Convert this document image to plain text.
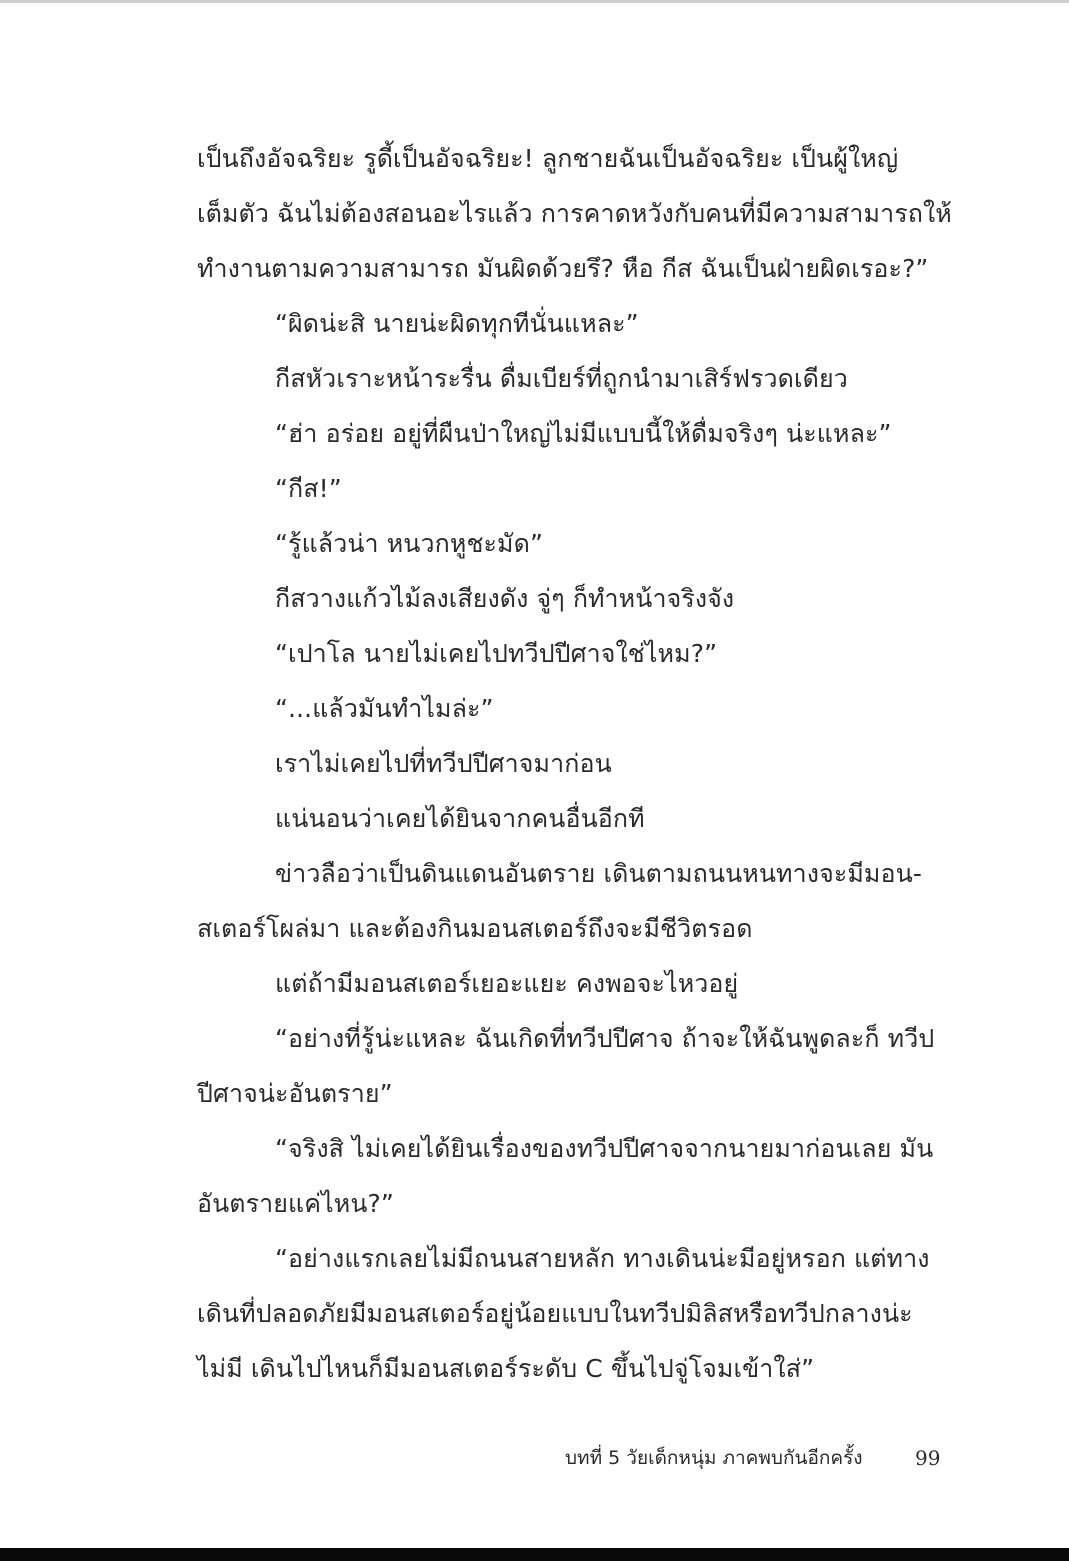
เป็นถึงอัจฉริยะ รูดี้เป็นอัจฉริยะ! ลูกชายฉันเป็นอัจฉริยะ เป็นผู้ใหญ่
เต็มตัว ฉันไม่ต้องสอนอะไรแล้ว การคาดหวังกับคนที่มีความสามารถให้
ทำงานตามความสามารถ มันผิดด้วยรึ? หือ กีส ฉันเป็นฝ่ายผิดเรอะ?”
“ผิดน่ะสิ นายน่ะผิดทุกทีนั่นแหละ”
กีสหัวเราะหน้าระรื่น ดื่มเบียร์ที่ถูกนำมาเสิร์ฟรวดเดียว
“ฮ่า อร่อย อยู่ที่ผืนป่าใหญ่ไม่มีแบบนี้ให้ดื่มจริงๆ น่ะแหละ”
“กีส!”
“รู้แล้วน่า หนวกหูชะมัด”
กีสวางแก้วไม้ลงเสียงดัง จู่ๆ ก็ทำหน้าจริงจัง
“เปาโล นายไม่เคยไปทวีปปีศาจใช่ไหม?”
“...แล้วมันทำไมล่ะ”
เราไม่เคยไปที่ทวีปปีศาจมาก่อน
แน่นอนว่าเคยได้ยินจากคนอื่นอีกที
ข่าวลือว่าเป็นดินแดนอันตราย เดินตามถนนหนทางจะมีมอน-
สเตอร์โผล่มา และต้องกินมอนสเตอร์ถึงจะมีชีวิตรอด
แต่ถ้ามีมอนสเตอร์เยอะแยะ คงพอจะไหวอยู่
“อย่างที่รู้น่ะแหละ ฉันเกิดที่ทวีปปีศาจ ถ้าจะให้ฉันพูดละก็ ทวีป
ปีศาจน่ะอันตราย”
“จริงสิ ไม่เคยได้ยินเรื่องของทวีปปีศาจจากนายมาก่อนเลย มัน
อันตรายแค่ไหน?”
“อย่างแรกเลยไม่มีถนนสายหลัก ทางเดินน่ะมีอยู่หรอก แต่ทาง
เดินที่ปลอดภัยมีมอนสเตอร์อยู่น้อยแบบในทวีปมิลิสหรือทวีปกลางน่ะ
ไม่มี เดินไปไหนก็มีมอนสเตอร์ระดับ C ขึ้นไปจู่โจมเข้าใส่”
บทที่ 5 วัยเด็กหนุ่ม ภาคพบกันอีกครั้ง	99
